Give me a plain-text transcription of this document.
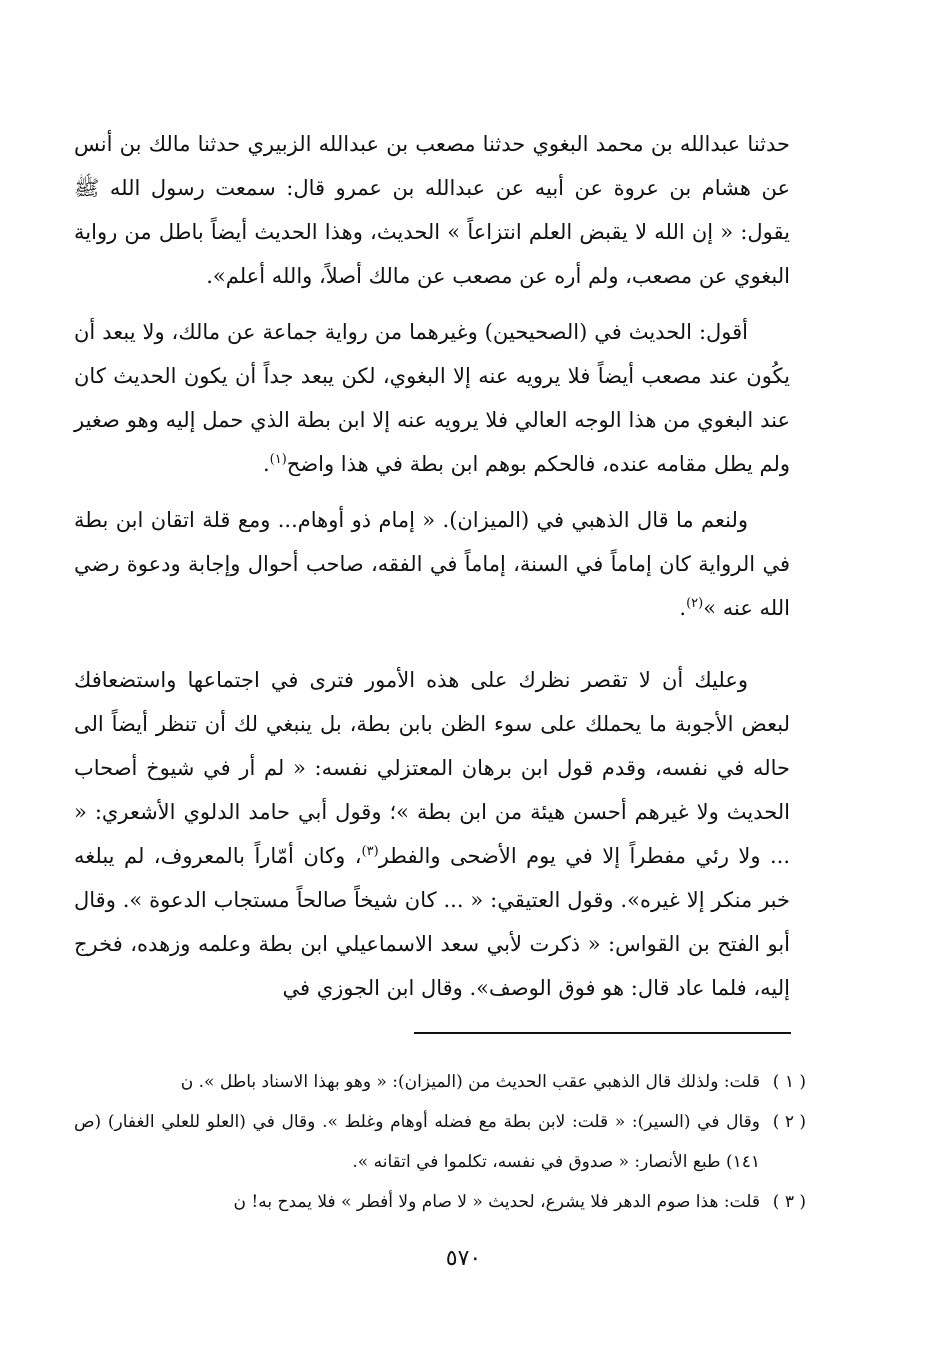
حدثنا عبدالله بن محمد البغوي حدثنا مصعب بن عبدالله الزبيري حدثنا مالك بن أنس عن هشام بن عروة عن أبيه عن عبدالله بن عمرو قال: سمعت رسول الله ﷺ يقول: « إن الله لا يقبض العلم انتزاعاً » الحديث، وهذا الحديث أيضاً باطل من رواية البغوي عن مصعب، ولم أره عن مصعب عن مالك أصلاً، والله أعلم».

أقول: الحديث في (الصحيحين) وغيرهما من رواية جماعة عن مالك، ولا يبعد أن يكُون عند مصعب أيضاً فلا يرويه عنه إلا البغوي، لكن يبعد جداً أن يكون الحديث كان عند البغوي من هذا الوجه العالي فلا يرويه عنه إلا ابن بطة الذي حمل إليه وهو صغير ولم يطل مقامه عنده، فالحكم بوهم ابن بطة في هذا واضح$^{(١)}$.

ولنعم ما قال الذهبي في (الميزان). « إمام ذو أوهام... ومع قلة اتقان ابن بطة في الرواية كان إماماً في السنة، إماماً في الفقه، صاحب أحوال وإجابة ودعوة رضي الله عنه »$^{(٢)}$.

وعليك أن لا تقصر نظرك على هذه الأمور فترى في اجتماعها واستضعافك لبعض الأجوبة ما يحملك على سوء الظن بابن بطة، بل ينبغي لك أن تنظر أيضاً الى حاله في نفسه، وقدم قول ابن برهان المعتزلي نفسه: « لم أر في شيوخ أصحاب الحديث ولا غيرهم أحسن هيئة من ابن بطة »؛ وقول أبي حامد الدلوي الأشعري: « ... ولا رئي مفطراً إلا في يوم الأضحى والفطر$^{(٣)}$، وكان أمّاراً بالمعروف، لم يبلغه خبر منكر إلا غيره». وقول العتيقي: « ... كان شيخاً صالحاً مستجاب الدعوة ». وقال أبو الفتح بن القواس: « ذكرت لأبي سعد الاسماعيلي ابن بطة وعلمه وزهده، فخرج إليه، فلما عاد قال: هو فوق الوصف». وقال ابن الجوزي في

( ١ )
قلت: ولذلك قال الذهبي عقب الحديث من (الميزان): « وهو بهذا الاسناد باطل ». ن
( ٢ )
وقال في (السير): « قلت: لابن بطة مع فضله أوهام وغلط ». وقال في (العلو للعلي الغفار) (ص ١٤١) طبع الأنصار: « صدوق في نفسه، تكلموا في اتقانه ».
( ٣ )
قلت: هذا صوم الدهر فلا يشرع، لحديث « لا صام ولا أفطر » فلا يمدح به! ن
٥٧٠
